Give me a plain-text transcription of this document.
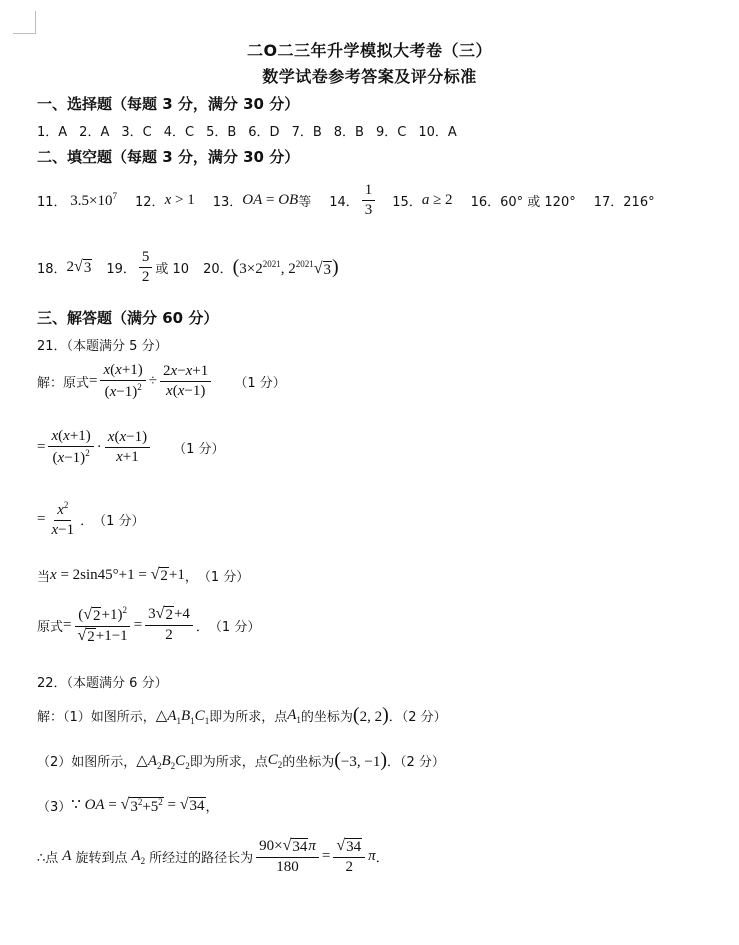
二O二三年升学模拟大考卷（三）
数学试卷参考答案及评分标准
一、选择题（每题 3 分，满分 30 分）
1．A 2．A 3．C 4．C 5．B 6．D 7．B 8．B 9．C 10．A
二、填空题（每题 3 分，满分 30 分）
11． $3.5\times 10^7$ 12． x > 1 13． OA = OB 等 14． $\frac{1}{3} 15$． a ≥ 2 16．60° 或 120° 17．216°
18． 2 √ 3 19． $\frac{5}{2}$ 或 10 20． ($3\times 2^{2021}$, $2^{2021}$ √ 3 )
三、解答题（满分 60 分）
21．（本题满分 5 分）
解：原式 = $\frac{x(x+1)}{(x-1)^2} \div \frac{2x-x+1}{x(x-1)} (1$ 分）
= $\frac{x(x+1)}{(x-1)^2} \cdot \frac{x(x-1)}{x+1} (1$ 分）
= $\frac{x^2}{x-1}$ ． （1 分）
当 x = 2sin45°+1 = √ 2 +1 ， （1 分）
原式 = $\frac{( √ 2 +1)^2}{√ 2 +1-1} = \frac{3 √ 2 +4}{2}$ ． （1 分）
22．（本题满分 6 分）
解：（1）如图所示， $\triangle A_1B_1C_1$ 即为所求，点 $A_1$ 的坐标为 (2, 2) ．（2 分）
（2）如图所示， $\triangle A_2B_2C_2$ 即为所求，点 $C_2$ 的坐标为 (−3, −1) ．（2 分）
（3） ∵ OA = √ $3^2+5^2$ = √ 34 ，
∴点 A 旋转到点 $A_2$ 所经过的路径长为 $\frac{90\times √ 34 \pi}{180} = \frac{√ 34}{2}$ π ．
